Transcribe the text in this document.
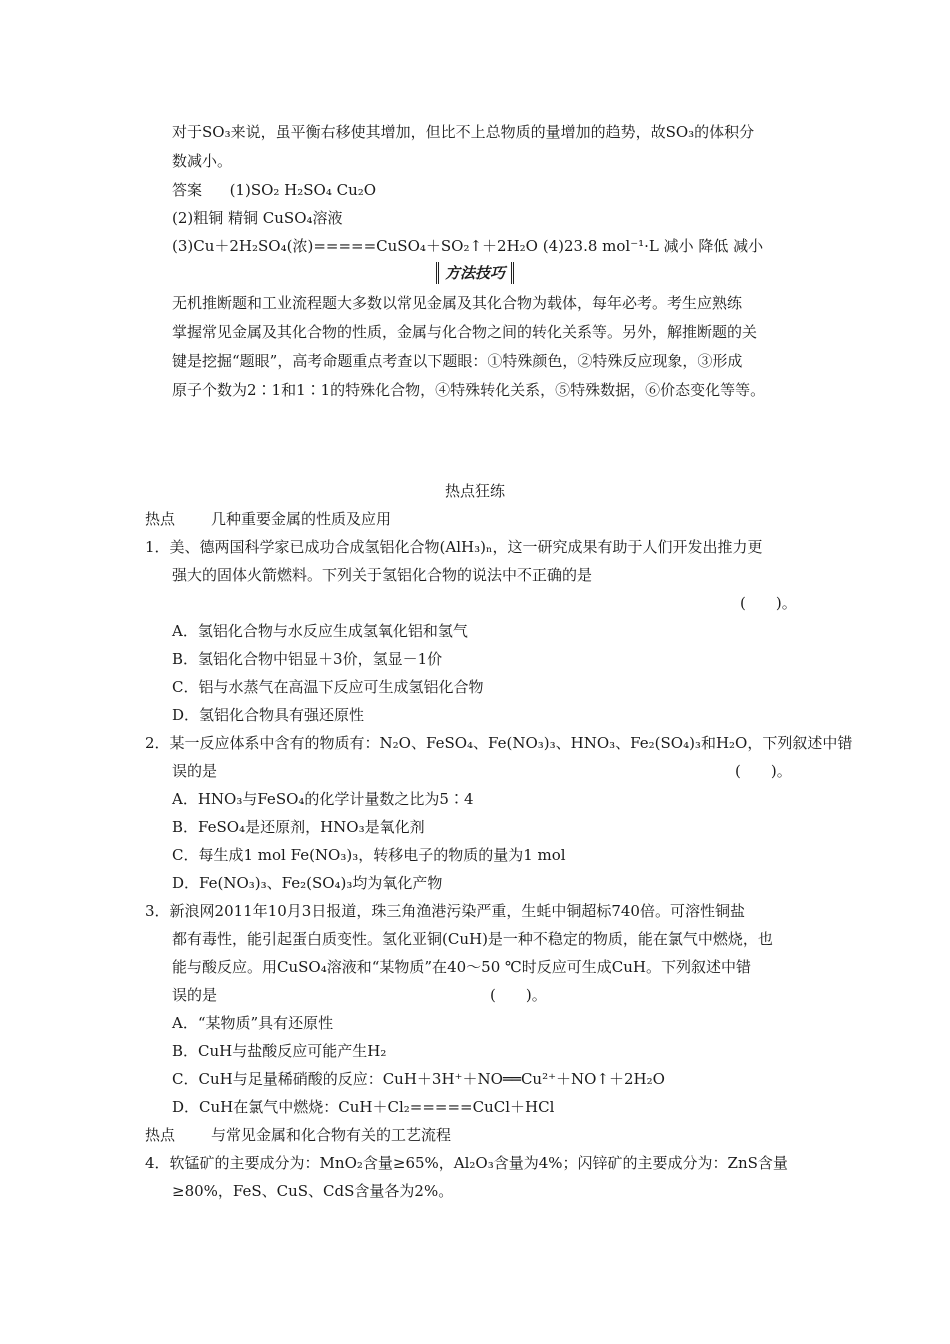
对于SO₃来说，虽平衡右移使其增加，但比不上总物质的量增加的趋势，故SO₃的体积分
数减小。
答案 (1)SO₂ H₂SO₄ Cu₂O
(2)粗铜 精铜 CuSO₄溶液
(3)Cu＋2H₂SO₄(浓)=====CuSO₄＋SO₂↑＋2H₂O (4)23.8 mol⁻¹·L 减小 降低 减小
方法技巧
无机推断题和工业流程题大多数以常见金属及其化合物为载体，每年必考。考生应熟练
掌握常见金属及其化合物的性质，金属与化合物之间的转化关系等。另外，解推断题的关
键是挖掘“题眼”，高考命题重点考查以下题眼：①特殊颜色，②特殊反应现象，③形成
原子个数为2∶1和1∶1的特殊化合物，④特殊转化关系，⑤特殊数据，⑥价态变化等等。
热点狂练
热点 几种重要金属的性质及应用
1．美、德两国科学家已成功合成氢铝化合物(AlH₃)ₙ，这一研究成果有助于人们开发出推力更
强大的固体火箭燃料。下列关于氢铝化合物的说法中不正确的是
(　　)。
A．氢铝化合物与水反应生成氢氧化铝和氢气
B．氢铝化合物中铝显＋3价，氢显－1价
C．铝与水蒸气在高温下反应可生成氢铝化合物
D．氢铝化合物具有强还原性
2．某一反应体系中含有的物质有：N₂O、FeSO₄、Fe(NO₃)₃、HNO₃、Fe₂(SO₄)₃和H₂O，下列叙述中错
误的是	(　　)。
A．HNO₃与FeSO₄的化学计量数之比为5∶4
B．FeSO₄是还原剂，HNO₃是氧化剂
C．每生成1 mol Fe(NO₃)₃，转移电子的物质的量为1 mol
D．Fe(NO₃)₃、Fe₂(SO₄)₃均为氧化产物
3．新浪网2011年10月3日报道，珠三角渔港污染严重，生蚝中铜超标740倍。可溶性铜盐
都有毒性，能引起蛋白质变性。氢化亚铜(CuH)是一种不稳定的物质，能在氯气中燃烧，也
能与酸反应。用CuSO₄溶液和“某物质”在40～50 ℃时反应可生成CuH。下列叙述中错
误的是	(　　)。
A．“某物质”具有还原性
B．CuH与盐酸反应可能产生H₂
C．CuH与足量稀硝酸的反应：CuH＋3H⁺＋NO══Cu²⁺＋NO↑＋2H₂O
D．CuH在氯气中燃烧：CuH＋Cl₂=====CuCl＋HCl
热点 与常见金属和化合物有关的工艺流程
4．软锰矿的主要成分为：MnO₂含量≥65%，Al₂O₃含量为4%；闪锌矿的主要成分为：ZnS含量
≥80%，FeS、CuS、CdS含量各为2%。
